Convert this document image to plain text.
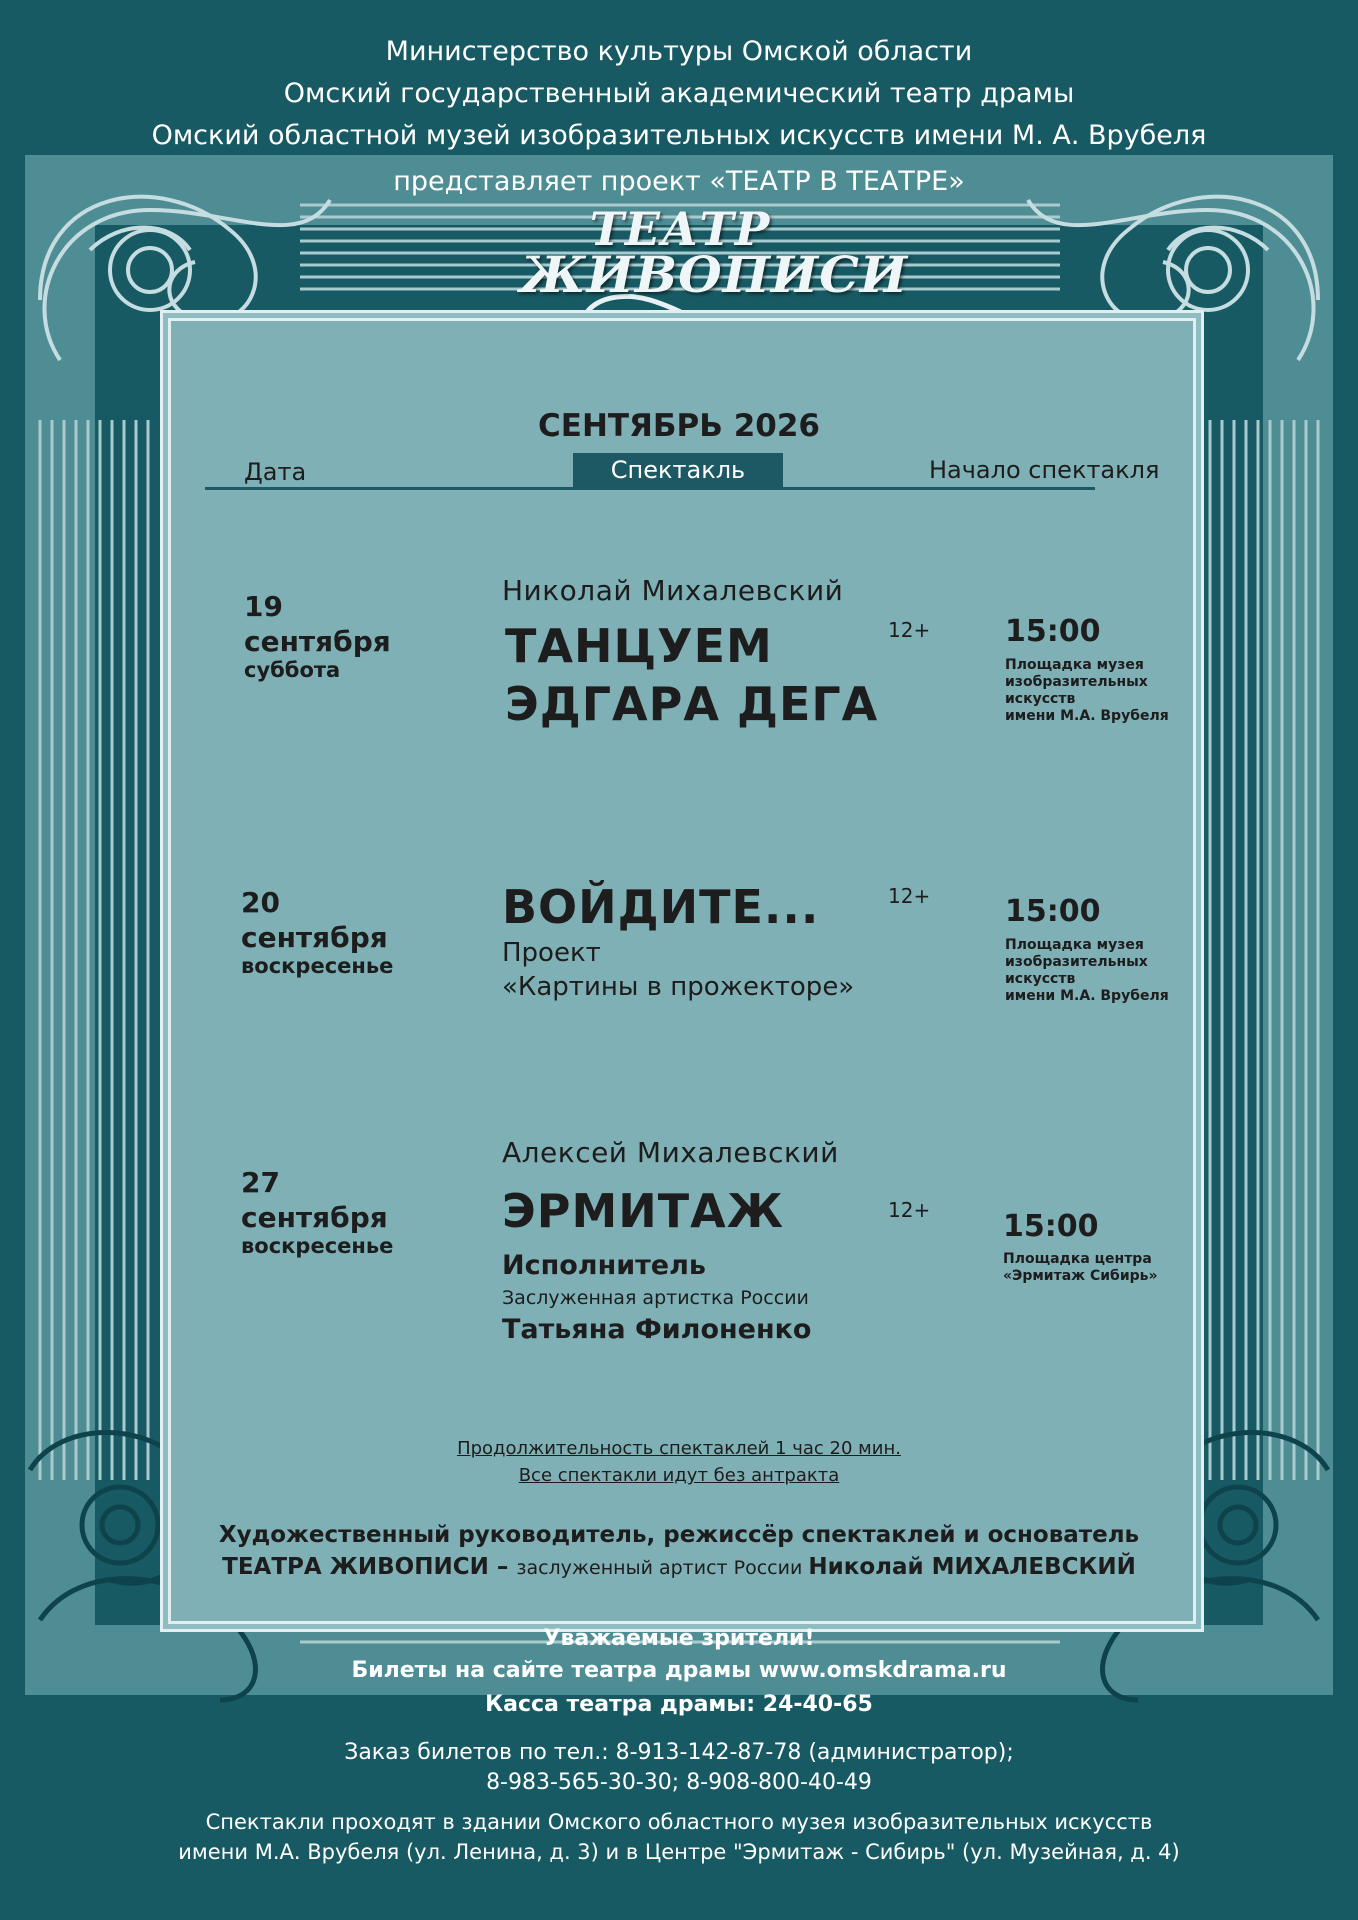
Министерство культуры Омской области
Омский государственный академический театр драмы
Омский областной музей изобразительных искусств имени М. А. Врубеля
представляет проект «ТЕАТР В ТЕАТРЕ»
ТЕАТР
ЖИВОПИСИ
СЕНТЯБРЬ 2026
Дата	Спектакль	Начало спектакля
19
сентября
суббота
Николай Михалевский
ТАНЦУЕМ
ЭДГАРА ДЕГА
12+ 15:00
Площадка музея
изобразительных
искусств
имени М.А. Врубеля
20
сентября
воскресенье
ВОЙДИТЕ...
Проект
«Картины в прожекторе»
12+ 15:00
Площадка музея
изобразительных
искусств
имени М.А. Врубеля
27
сентября
воскресенье
Алексей Михалевский
ЭРМИТАЖ
Исполнитель
Заслуженная артистка России
Татьяна Филоненко
12+ 15:00
Площадка центра
«Эрмитаж Сибирь»
Продолжительность спектаклей 1 час 20 мин.
Все спектакли идут без антракта
Художественный руководитель, режиссёр спектаклей и основатель
ТЕАТРА ЖИВОПИСИ – заслуженный артист России Николай МИХАЛЕВСКИЙ
Уважаемые зрители!
Билеты на сайте театра драмы www.omskdrama.ru
Касса театра драмы: 24-40-65
Заказ билетов по тел.: 8-913-142-87-78 (администратор);
8-983-565-30-30; 8-908-800-40-49
Спектакли проходят в здании Омского областного музея изобразительных искусств
имени М.А. Врубеля (ул. Ленина, д. 3) и в Центре "Эрмитаж - Сибирь" (ул. Музейная, д. 4)
